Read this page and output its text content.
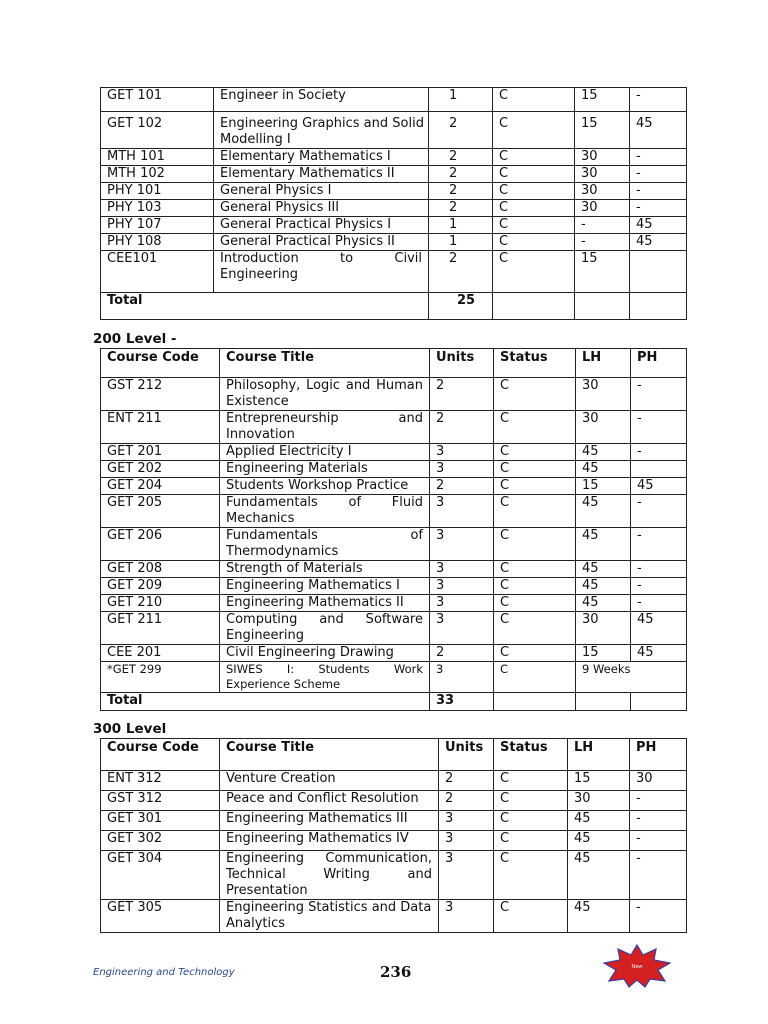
GET 101	Engineer in Society	1	C	15	-
GET 102	Engineering Graphics and Solid Modelling I	2	C	15	45
MTH 101	Elementary Mathematics I	2	C	30	-
MTH 102	Elementary Mathematics II	2	C	30	-
PHY 101	General Physics I	2	C	30	-
PHY 103	General Physics III	2	C	30	-
PHY 107	General Practical Physics I	1	C	-	45
PHY 108	General Practical Physics II	1	C	-	45
CEE101	Introduction to Civil Engineering	2	C	15	
Total		25			
200 Level -
Course Code	Course Title	Units	Status	LH	PH
GST 212	Philosophy, Logic and Human Existence	2	C	30	-
ENT 211	Entrepreneurship and Innovation	2	C	30	-
GET 201	Applied Electricity I	3	C	45	-
GET 202	Engineering Materials	3	C	45	
GET 204	Students Workshop Practice	2	C	15	45
GET 205	Fundamentals of Fluid Mechanics	3	C	45	-
GET 206	Fundamentals of Thermodynamics	3	C	45	-
GET 208	Strength of Materials	3	C	45	-
GET 209	Engineering Mathematics I	3	C	45	-
GET 210	Engineering Mathematics II	3	C	45	-
GET 211	Computing and Software Engineering	3	C	30	45
CEE 201	Civil Engineering Drawing	2	C	15	45
*GET 299	SIWES I: Students Work Experience Scheme	3	C	9 Weeks	
Total		33			
300 Level
Course Code	Course Title	Units	Status	LH	PH
ENT 312	Venture Creation	2	C	15	30
GST 312	Peace and Conflict Resolution	2	C	30	-
GET 301	Engineering Mathematics III	3	C	45	-
GET 302	Engineering Mathematics IV	3	C	45	-
GET 304	Engineering Communication, Technical Writing and Presentation	3	C	45	-
GET 305	Engineering Statistics and Data Analytics	3	C	45	-
Engineering and Technology	236	New
